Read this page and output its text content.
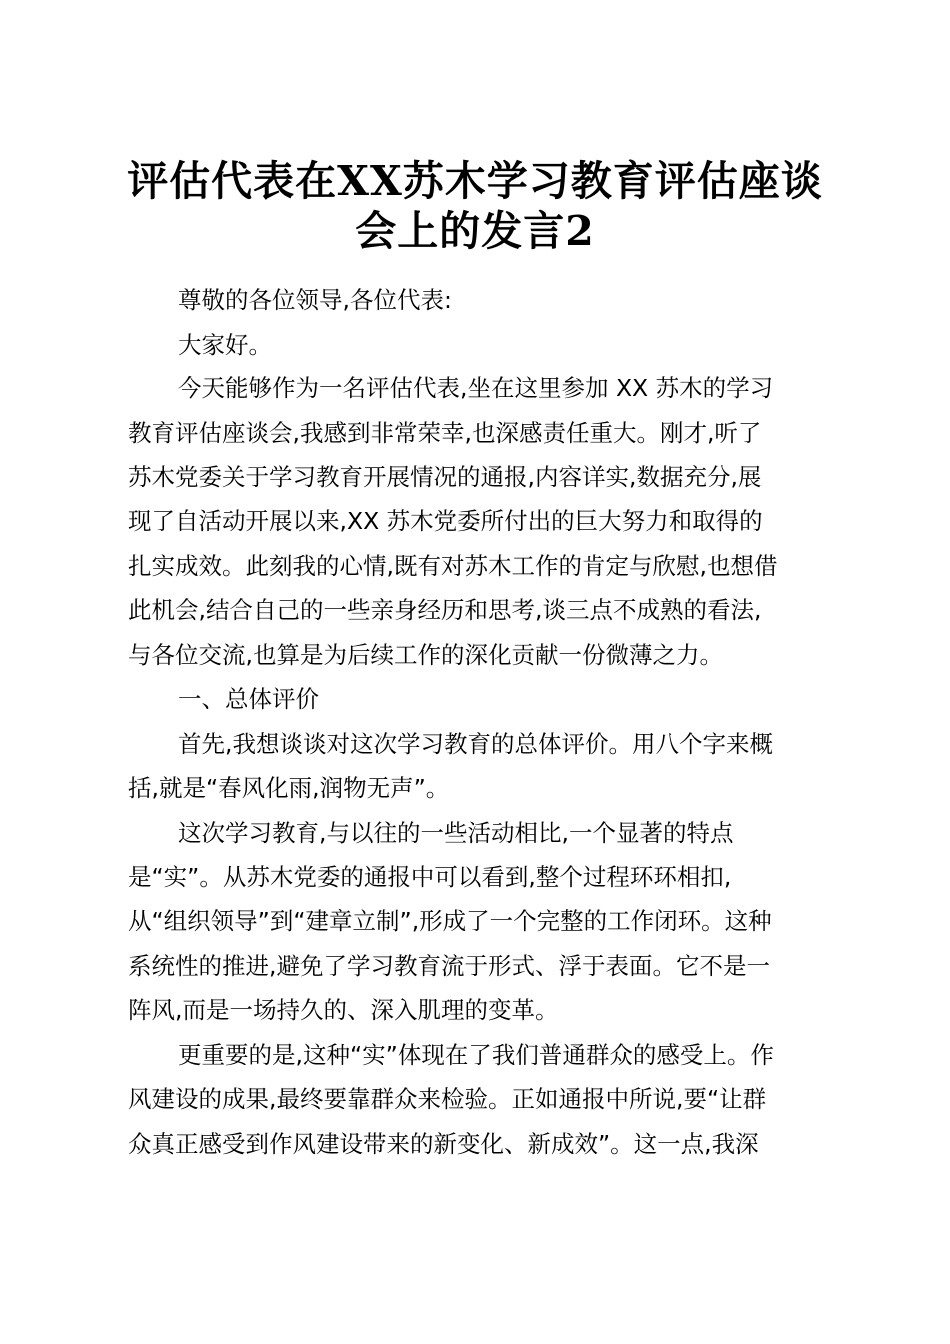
评估代表在XX苏木学习教育评估座谈
会上的发言2

尊敬的各位领导,各位代表:

大家好。

今天能够作为一名评估代表,坐在这里参加 XX 苏木的学习

教育评估座谈会,我感到非常荣幸,也深感责任重大。刚才,听了

苏木党委关于学习教育开展情况的通报,内容详实,数据充分,展

现了自活动开展以来,XX 苏木党委所付出的巨大努力和取得的

扎实成效。此刻我的心情,既有对苏木工作的肯定与欣慰,也想借

此机会,结合自己的一些亲身经历和思考,谈三点不成熟的看法,

与各位交流,也算是为后续工作的深化贡献一份微薄之力。

一、总体评价

首先,我想谈谈对这次学习教育的总体评价。用八个字来概

括,就是“春风化雨,润物无声”。

这次学习教育,与以往的一些活动相比,一个显著的特点

是“实”。从苏木党委的通报中可以看到,整个过程环环相扣,

从“组织领导”到“建章立制”,形成了一个完整的工作闭环。这种

系统性的推进,避免了学习教育流于形式、浮于表面。它不是一

阵风,而是一场持久的、深入肌理的变革。

更重要的是,这种“实”体现在了我们普通群众的感受上。作

风建设的成果,最终要靠群众来检验。正如通报中所说,要“让群

众真正感受到作风建设带来的新变化、新成效”。这一点,我深
